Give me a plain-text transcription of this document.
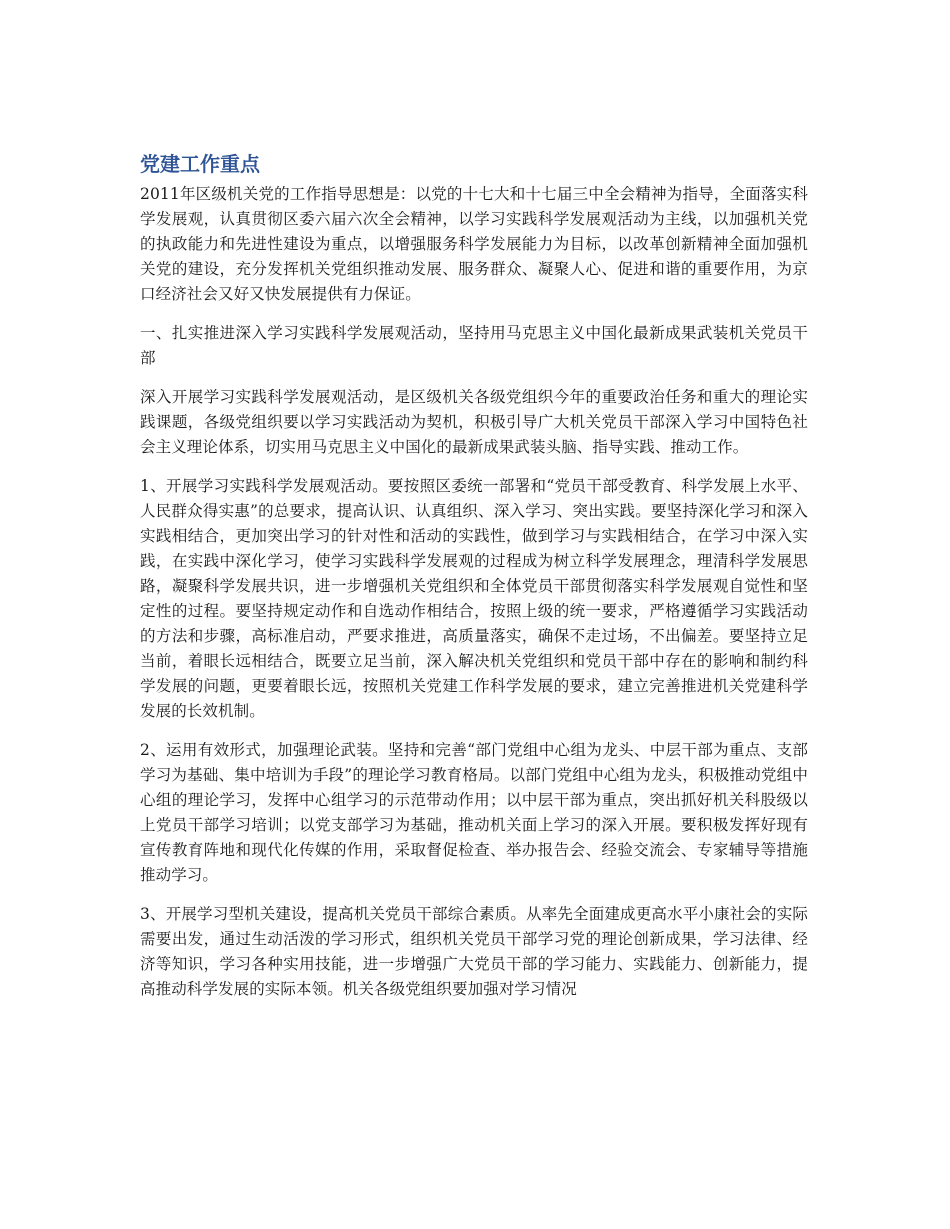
党建工作重点

2011年区级机关党的工作指导思想是：以党的十七大和十七届三中全会精神为指导，全面落实科学发展观，认真贯彻区委六届六次全会精神，以学习实践科学发展观活动为主线，以加强机关党的执政能力和先进性建设为重点，以增强服务科学发展能力为目标，以改革创新精神全面加强机关党的建设，充分发挥机关党组织推动发展、服务群众、凝聚人心、促进和谐的重要作用，为京口经济社会又好又快发展提供有力保证。

一、扎实推进深入学习实践科学发展观活动，坚持用马克思主义中国化最新成果武装机关党员干部

深入开展学习实践科学发展观活动，是区级机关各级党组织今年的重要政治任务和重大的理论实践课题，各级党组织要以学习实践活动为契机，积极引导广大机关党员干部深入学习中国特色社会主义理论体系，切实用马克思主义中国化的最新成果武装头脑、指导实践、推动工作。

1、开展学习实践科学发展观活动。要按照区委统一部署和“党员干部受教育、科学发展上水平、人民群众得实惠”的总要求，提高认识、认真组织、深入学习、突出实践。要坚持深化学习和深入实践相结合，更加突出学习的针对性和活动的实践性，做到学习与实践相结合，在学习中深入实践，在实践中深化学习，使学习实践科学发展观的过程成为树立科学发展理念，理清科学发展思路，凝聚科学发展共识，进一步增强机关党组织和全体党员干部贯彻落实科学发展观自觉性和坚定性的过程。要坚持规定动作和自选动作相结合，按照上级的统一要求，严格遵循学习实践活动的方法和步骤，高标准启动，严要求推进，高质量落实，确保不走过场，不出偏差。要坚持立足当前，着眼长远相结合，既要立足当前，深入解决机关党组织和党员干部中存在的影响和制约科学发展的问题，更要着眼长远，按照机关党建工作科学发展的要求，建立完善推进机关党建科学发展的长效机制。

2、运用有效形式，加强理论武装。坚持和完善“部门党组中心组为龙头、中层干部为重点、支部学习为基础、集中培训为手段”的理论学习教育格局。以部门党组中心组为龙头，积极推动党组中心组的理论学习，发挥中心组学习的示范带动作用；以中层干部为重点，突出抓好机关科股级以上党员干部学习培训；以党支部学习为基础，推动机关面上学习的深入开展。要积极发挥好现有宣传教育阵地和现代化传媒的作用，采取督促检查、举办报告会、经验交流会、专家辅导等措施推动学习。

3、开展学习型机关建设，提高机关党员干部综合素质。从率先全面建成更高水平小康社会的实际需要出发，通过生动活泼的学习形式，组织机关党员干部学习党的理论创新成果，学习法律、经济等知识，学习各种实用技能，进一步增强广大党员干部的学习能力、实践能力、创新能力，提高推动科学发展的实际本领。机关各级党组织要加强对学习情况
